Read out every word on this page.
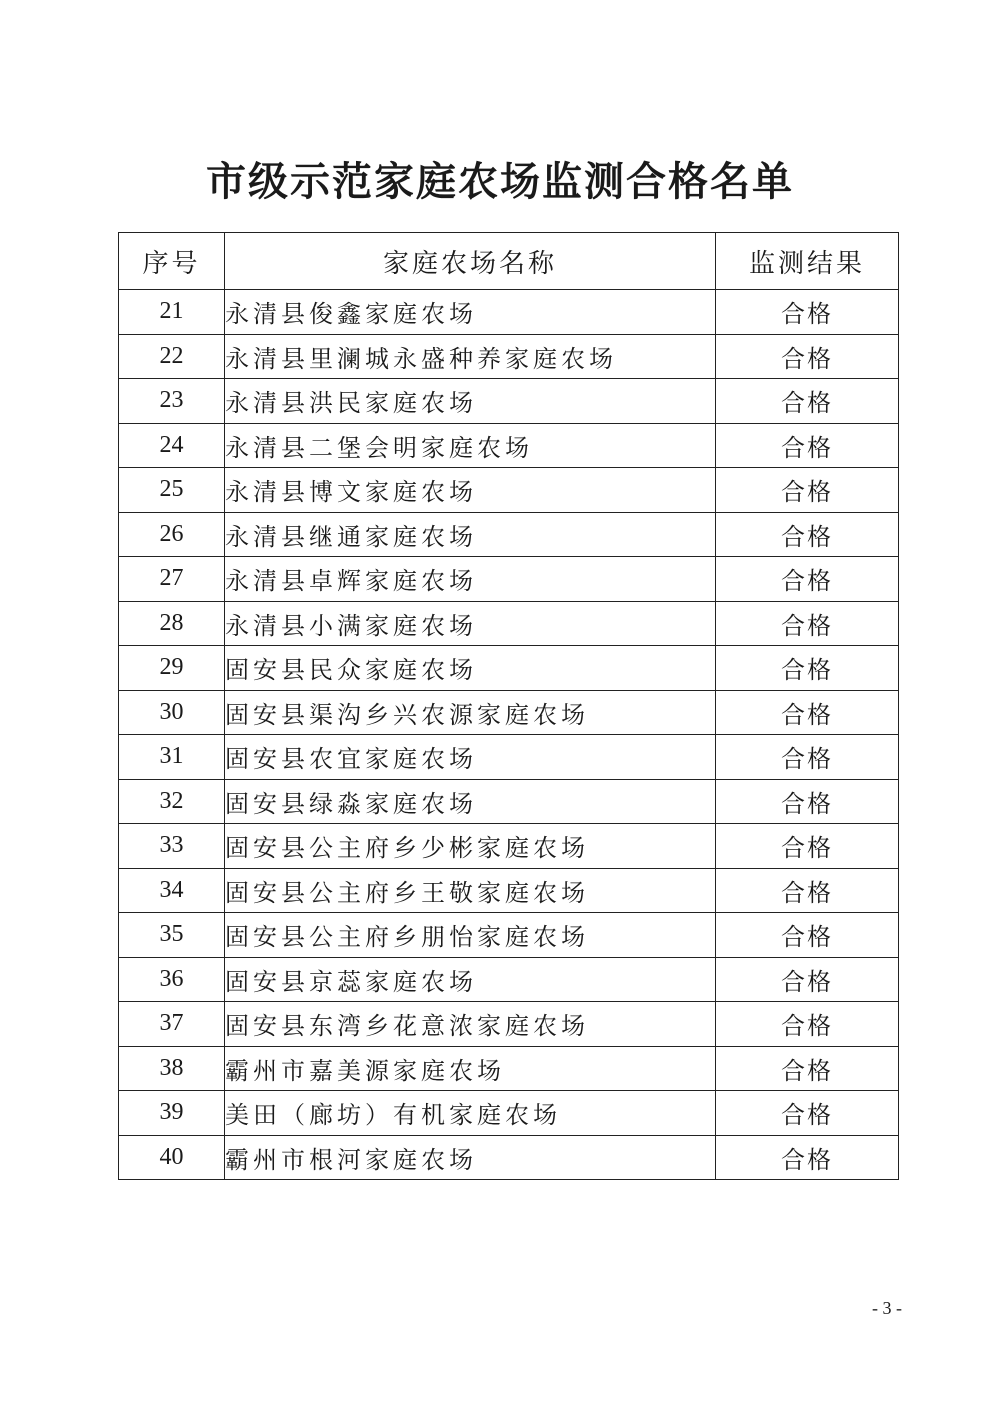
市级示范家庭农场监测合格名单
序号	家庭农场名称	监测结果
21	永清县俊鑫家庭农场	合格
22	永清县里澜城永盛种养家庭农场	合格
23	永清县洪民家庭农场	合格
24	永清县二堡会明家庭农场	合格
25	永清县博文家庭农场	合格
26	永清县继通家庭农场	合格
27	永清县卓辉家庭农场	合格
28	永清县小满家庭农场	合格
29	固安县民众家庭农场	合格
30	固安县渠沟乡兴农源家庭农场	合格
31	固安县农宜家庭农场	合格
32	固安县绿淼家庭农场	合格
33	固安县公主府乡少彬家庭农场	合格
34	固安县公主府乡王敬家庭农场	合格
35	固安县公主府乡朋怡家庭农场	合格
36	固安县京蕊家庭农场	合格
37	固安县东湾乡花意浓家庭农场	合格
38	霸州市嘉美源家庭农场	合格
39	美田（廊坊）有机家庭农场	合格
40	霸州市根河家庭农场	合格
- 3 -
